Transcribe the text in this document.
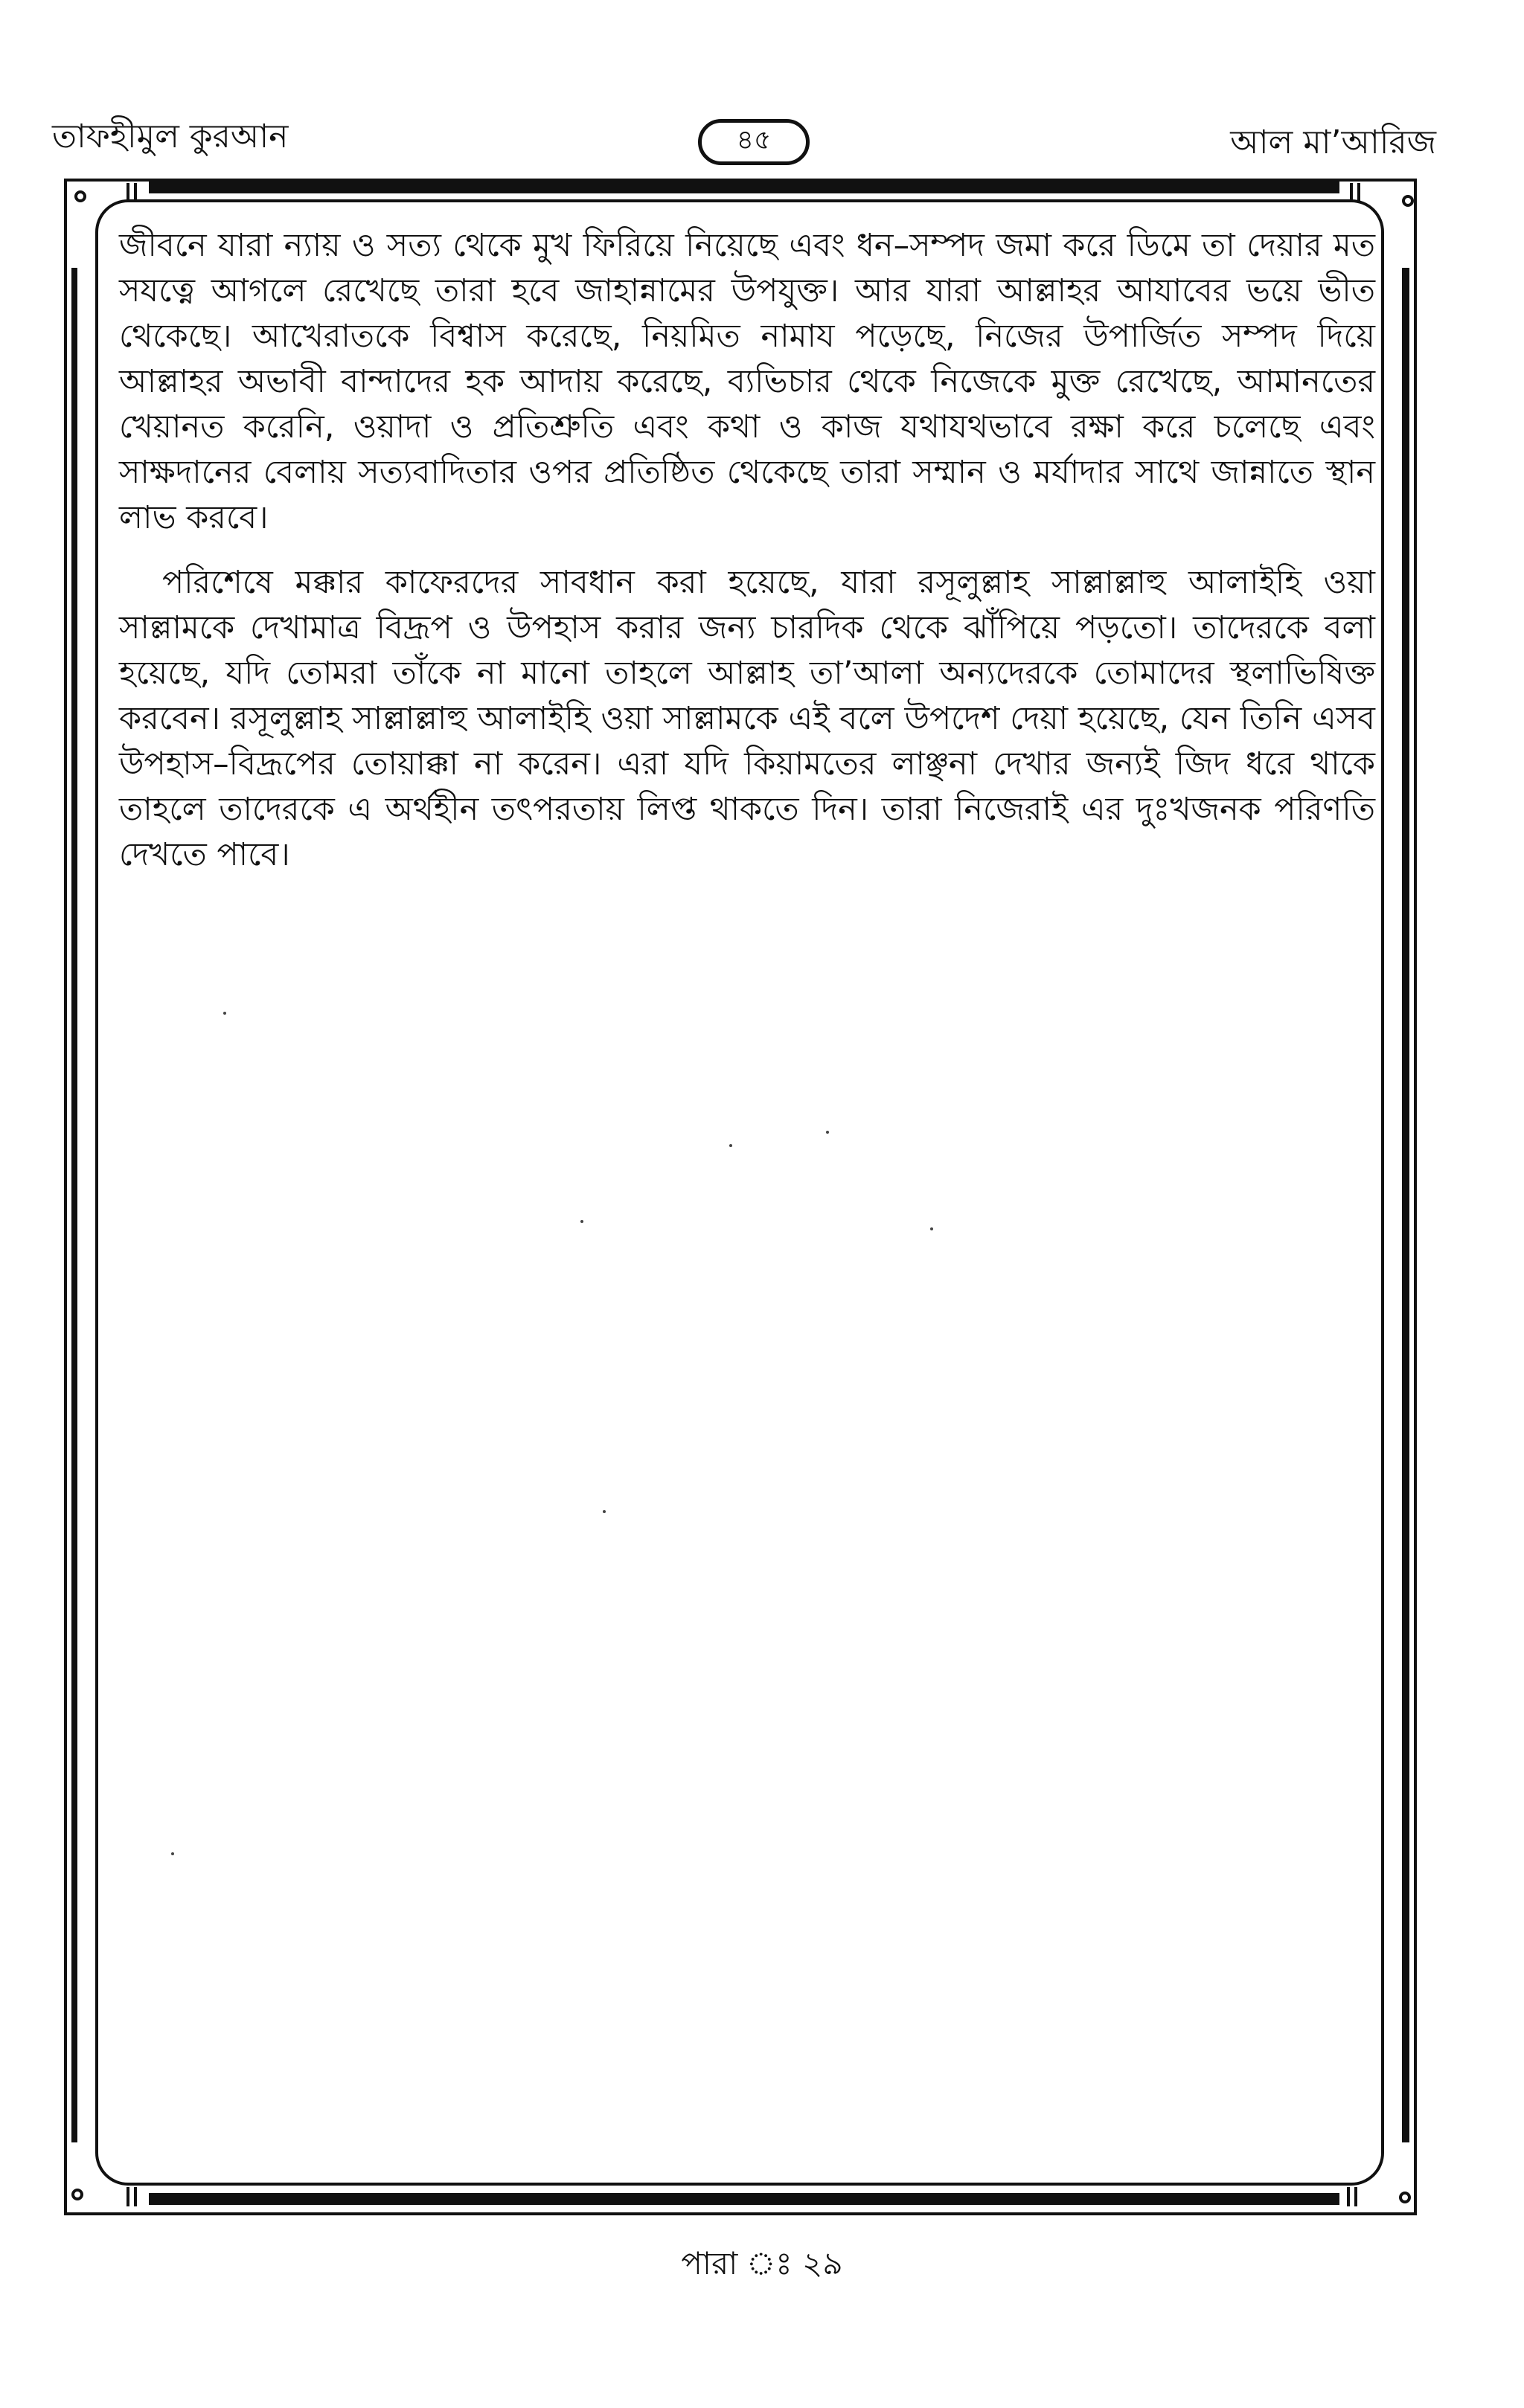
তাফহীমুল কুরআন	৪৫	আল মা’আরিজ

জীবনে যারা ন্যায় ও সত্য থেকে মুখ ফিরিয়ে নিয়েছে এবং ধন–সম্পদ জমা করে ডিমে তা দেয়ার মত সযত্নে আগলে রেখেছে তারা হবে জাহান্নামের উপযুক্ত। আর যারা আল্লাহর আযাবের ভয়ে ভীত থেকেছে। আখেরাতকে বিশ্বাস করেছে, নিয়মিত নামায পড়েছে, নিজের উপার্জিত সম্পদ দিয়ে আল্লাহর অভাবী বান্দাদের হক আদায় করেছে, ব্যভিচার থেকে নিজেকে মুক্ত রেখেছে, আমানতের খেয়ানত করেনি, ওয়াদা ও প্রতিশ্রুতি এবং কথা ও কাজ যথাযথভাবে রক্ষা করে চলেছে এবং সাক্ষদানের বেলায় সত্যবাদিতার ওপর প্রতিষ্ঠিত থেকেছে তারা সম্মান ও মর্যাদার সাথে জান্নাতে স্থান লাভ করবে।

পরিশেষে মক্কার কাফেরদের সাবধান করা হয়েছে, যারা রসূলুল্লাহ সাল্লাল্লাহু আলাইহি ওয়া সাল্লামকে দেখামাত্র বিদ্রূপ ও উপহাস করার জন্য চারদিক থেকে ঝাঁপিয়ে পড়তো। তাদেরকে বলা হয়েছে, যদি তোমরা তাঁকে না মানো তাহলে আল্লাহ তা’আলা অন্যদেরকে তোমাদের স্থলাভিষিক্ত করবেন। রসূলুল্লাহ সাল্লাল্লাহু আলাইহি ওয়া সাল্লামকে এই বলে উপদেশ দেয়া হয়েছে, যেন তিনি এসব উপহাস–বিদ্রূপের তোয়াক্কা না করেন। এরা যদি কিয়ামতের লাঞ্ছনা দেখার জন্যই জিদ ধরে থাকে তাহলে তাদেরকে এ অর্থহীন তৎপরতায় লিপ্ত থাকতে দিন। তারা নিজেরাই এর দুঃখজনক পরিণতি দেখতে পাবে।

পারা ঃ ২৯
